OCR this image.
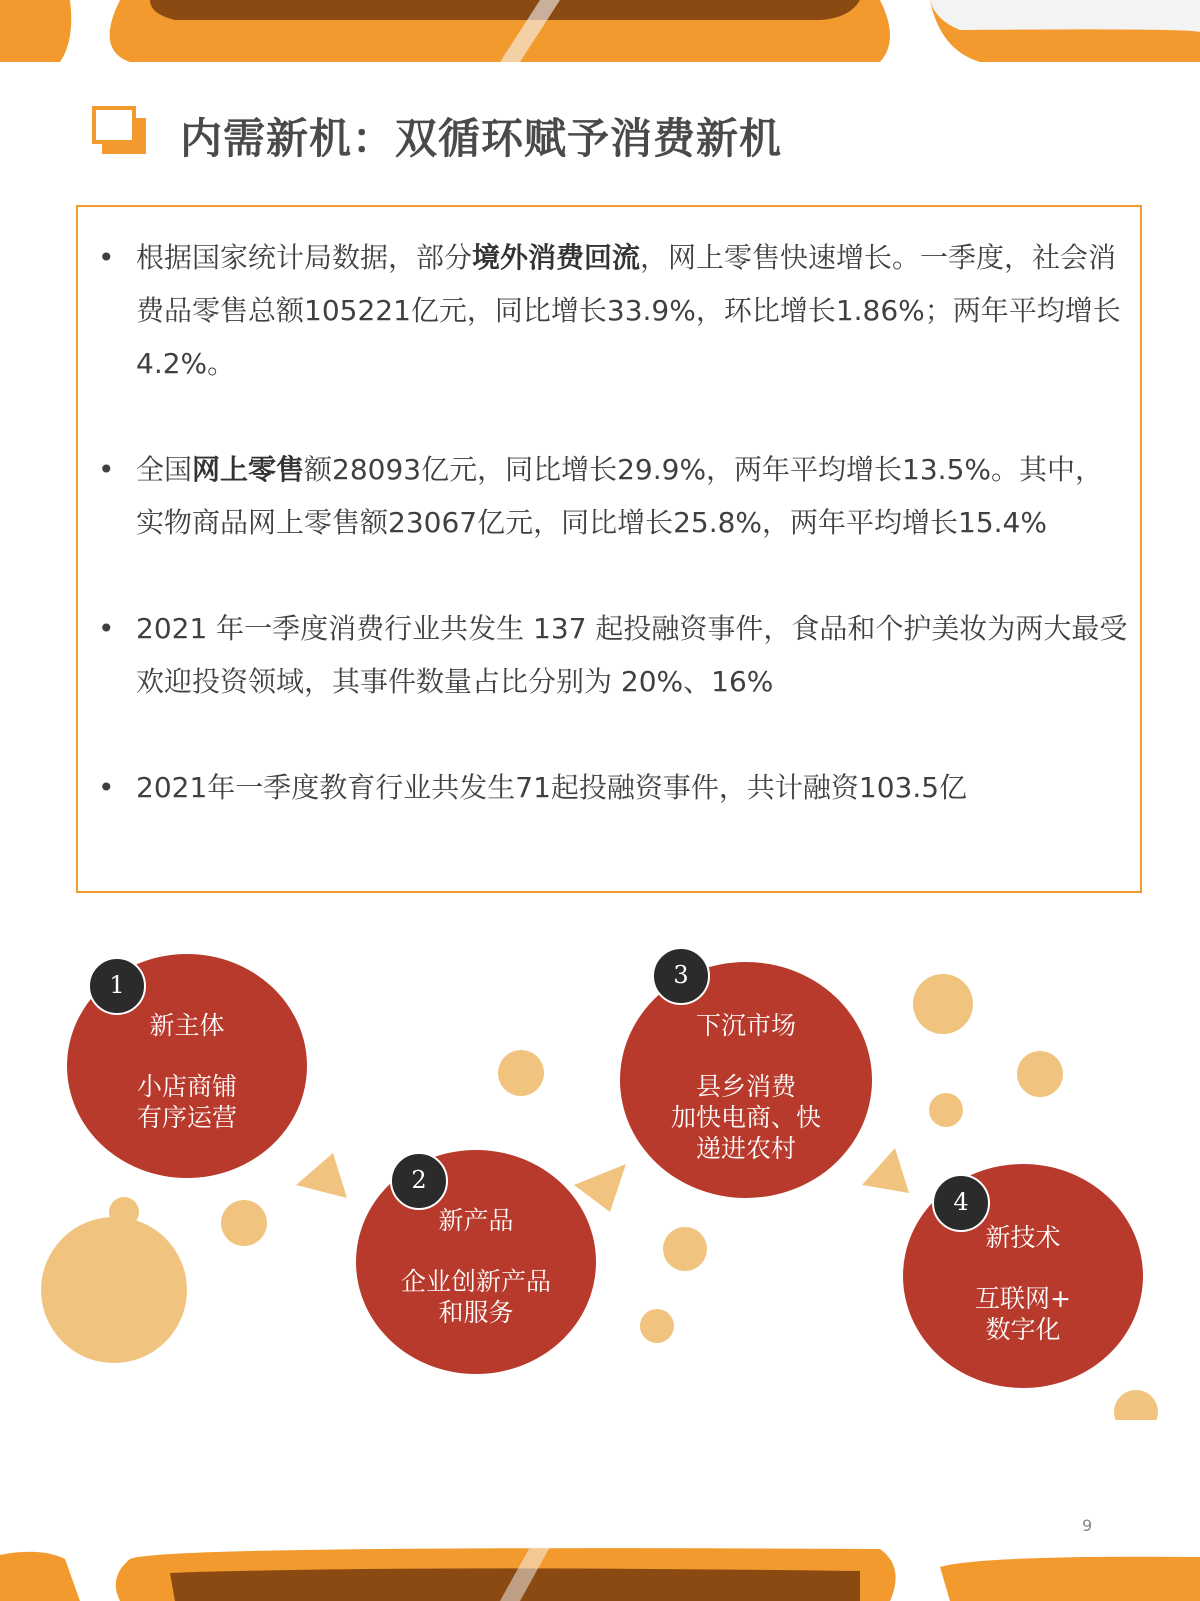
内需新机：双循环赋予消费新机
• 根据国家统计局数据，部分境外消费回流，网上零售快速增长。一季度，社会消费品零售总额105221亿元，同比增长33.9%，环比增长1.86%；两年平均增长4.2%。
• 全国网上零售额28093亿元，同比增长29.9%，两年平均增长13.5%。其中，实物商品网上零售额23067亿元，同比增长25.8%，两年平均增长15.4%
• 2021 年一季度消费行业共发生 137 起投融资事件，食品和个护美妆为两大最受欢迎投资领域，其事件数量占比分别为 20%、16%
• 2021年一季度教育行业共发生71起投融资事件，共计融资103.5亿
1
2
3
4
新主体
小店商铺
有序运营
新产品
企业创新产品
和服务
下沉市场
县乡消费
加快电商、快
递进农村
新技术
互联网+
数字化
9
